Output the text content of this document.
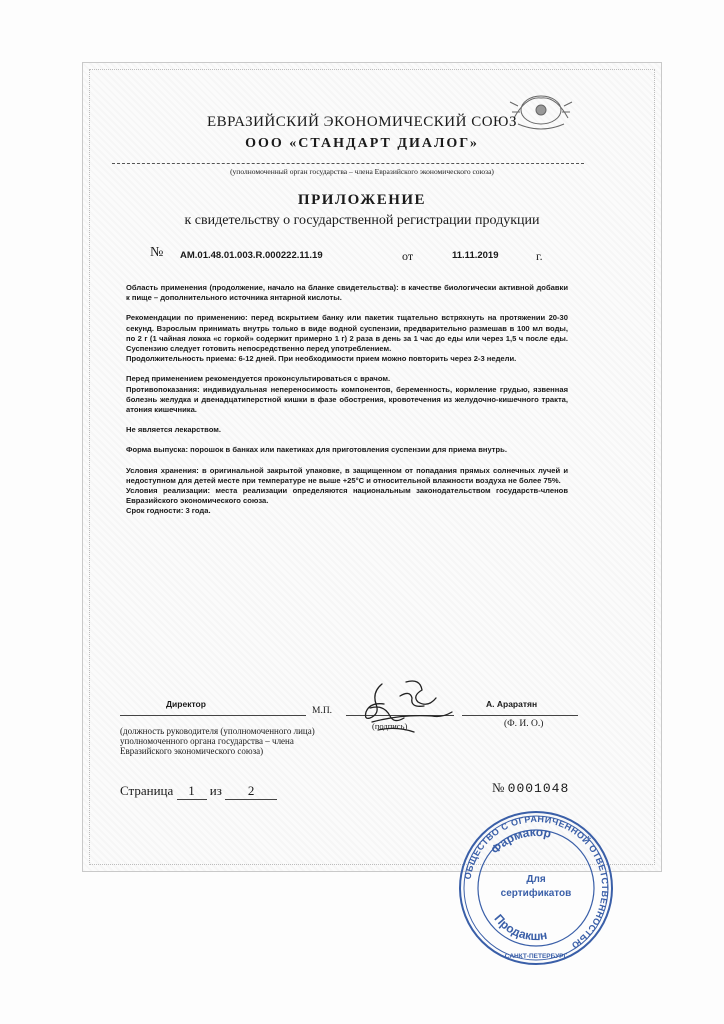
ЕВРАЗИЙСКИЙ ЭКОНОМИЧЕСКИЙ СОЮЗ
ООО «СТАНДАРТ ДИАЛОГ»
(уполномоченный орган государства – члена Евразийского экономического союза)
ПРИЛОЖЕНИЕ
к свидетельству о государственной регистрации продукции
№ AM.01.48.01.003.R.000222.11.19	от	11.11.2019	г.

Область применения (продолжение, начало на бланке свидетельства): в качестве биологически активной добавки к пище – дополнительного источника янтарной кислоты.

Рекомендации по применению: перед вскрытием банку или пакетик тщательно встряхнуть на протяжении 20-30 секунд. Взрослым принимать внутрь только в виде водной суспензии, предварительно размешав в 100 мл воды, по 2 г (1 чайная ложка «с горкой» содержит примерно 1 г) 2 раза в день за 1 час до еды или через 1,5 ч после еды. Суспензию следует готовить непосредственно перед употреблением.

Продолжительность приема: 6-12 дней. При необходимости прием можно повторить через 2-3 недели.

Перед применением рекомендуется проконсультироваться с врачом.

Противопоказания: индивидуальная непереносимость компонентов, беременность, кормление грудью, язвенная болезнь желудка и двенадцатиперстной кишки в фазе обострения, кровотечения из желудочно-кишечного тракта, атония кишечника.

Не является лекарством.

Форма выпуска: порошок в банках или пакетиках для приготовления суспензии для приема внутрь.

Условия хранения: в оригинальной закрытой упаковке, в защищенном от попадания прямых солнечных лучей и недоступном для детей месте при температуре не выше +25°С и относительной влажности воздуха не более 75%.

Условия реализации: места реализации определяются национальным законодательством государств-членов Евразийского экономического союза.

Срок годности: 3 года.

Директор
М.П.
(подпись)
А. Араратян
(Ф. И. О.)
(должность руководителя (уполномоченного лица) уполномоченного органа государства – члена Евразийского экономического союза)
Страница 1 из 2	№ 0001048
ОБЩЕСТВО С ОГРАНИЧЕННОЙ ОТВЕТСТВЕННОСТЬЮ
Фармакор
Для
сертификатов
Продакшн
САНКТ-ПЕТЕРБУРГ
